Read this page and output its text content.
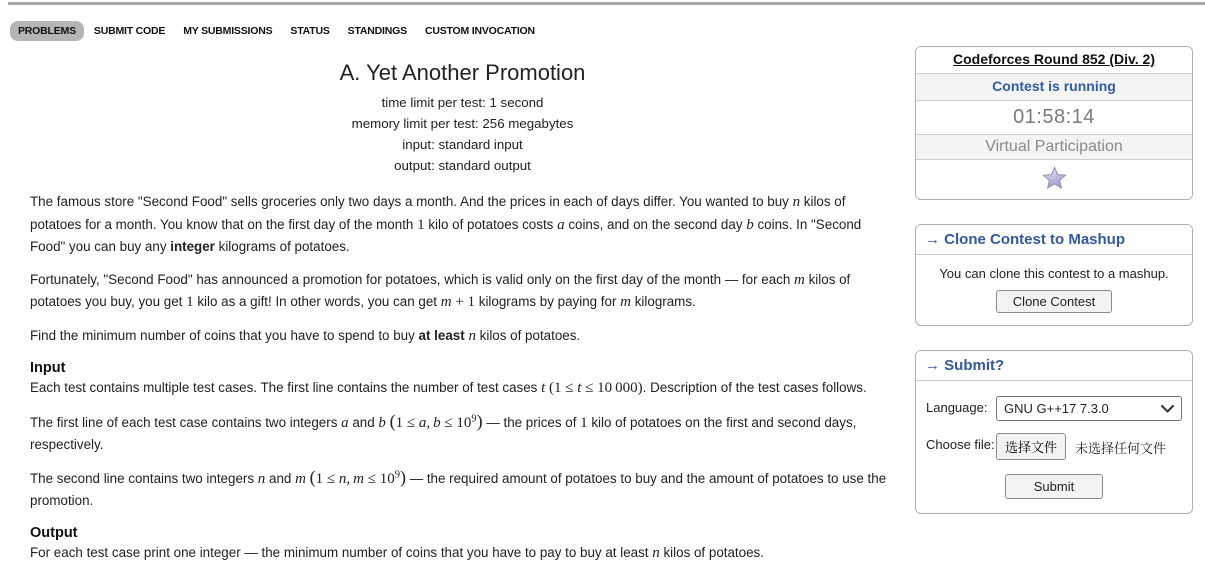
PROBLEMS	SUBMIT CODE	MY SUBMISSIONS	STATUS	STANDINGS	CUSTOM INVOCATION
A. Yet Another Promotion
time limit per test: 1 second
memory limit per test: 256 megabytes
input: standard input
output: standard output

The famous store "Second Food" sells groceries only two days a month. And the prices in each of days differ. You wanted to buy n kilos of potatoes for a month. You know that on the first day of the month 1 kilo of potatoes costs a coins, and on the second day b coins. In "Second Food" you can buy any integer kilograms of potatoes.

Fortunately, "Second Food" has announced a promotion for potatoes, which is valid only on the first day of the month — for each m kilos of potatoes you buy, you get 1 kilo as a gift! In other words, you can get m + 1 kilograms by paying for m kilograms.

Find the minimum number of coins that you have to spend to buy at least n kilos of potatoes.

Input

Each test contains multiple test cases. The first line contains the number of test cases t (1 ≤ t ≤ 10 000). Description of the test cases follows.

The first line of each test case contains two integers a and b (1 ≤ a, $b \le 10^9$) — the prices of 1 kilo of potatoes on the first and second days, respectively.

The second line contains two integers n and m (1 ≤ n, $m \le 10^9$) — the required amount of potatoes to buy and the amount of potatoes to use the promotion.

Output

For each test case print one integer — the minimum number of coins that you have to pay to buy at least n kilos of potatoes.

Codeforces Round 852 (Div. 2)
Contest is running
01:58:14
Virtual Participation
→ Clone Contest to Mashup
You can clone this contest to a mashup.
Clone Contest
→ Submit?
Language:	GNU G++17 7.3.0
Choose file: 选择文件	未选择任何文件
Submit
